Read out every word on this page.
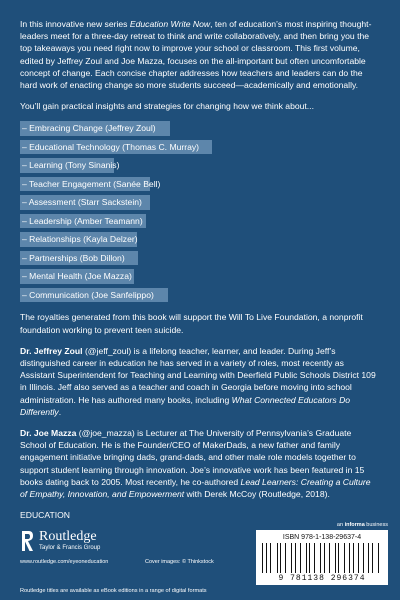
In this innovative new series Education Write Now, ten of education’s most inspiring thought-leaders meet for a three-day retreat to think and write collaboratively, and then bring you the top takeaways you need right now to improve your school or classroom. This first volume, edited by Jeffrey Zoul and Joe Mazza, focuses on the all-important but often uncomfortable concept of change. Each concise chapter addresses how teachers and leaders can do the hard work of enacting change so more students succeed—academically and emotionally.

You’ll gain practical insights and strategies for changing how we think about...

– Embracing Change (Jeffrey Zoul)
– Educational Technology (Thomas C. Murray)
– Learning (Tony Sinanis)
– Teacher Engagement (Sanée Bell)
– Assessment (Starr Sackstein)
– Leadership (Amber Teamann)
– Relationships (Kayla Delzer)
– Partnerships (Bob Dillon)
– Mental Health (Joe Mazza)
– Communication (Joe Sanfelippo)

The royalties generated from this book will support the Will To Live Foundation, a nonprofit foundation working to prevent teen suicide.

Dr. Jeffrey Zoul (@jeff_zoul) is a lifelong teacher, learner, and leader. During Jeff’s distinguished career in education he has served in a variety of roles, most recently as Assistant Superintendent for Teaching and Learning with Deerfield Public Schools District 109 in Illinois. Jeff also served as a teacher and coach in Georgia before moving into school administration. He has authored many books, including What Connected Educators Do Differently.

Dr. Joe Mazza (@joe_mazza) is Lecturer at The University of Pennsylvania’s Graduate School of Education. He is the Founder/CEO of MakerDads, a new father and family engagement initiative bringing dads, grand-dads, and other male role models together to support student learning through innovation. Joe’s innovative work has been featured in 15 books dating back to 2005. Most recently, he co-authored Lead Learners: Creating a Culture of Empathy, Innovation, and Empowerment with Derek McCoy (Routledge, 2018).

EDUCATION

Routledge
Taylor & Francis Group
www.routledge.com/eyeoneducation	Cover images: © Thinkstock
Routledge titles are available as eBook editions in a range of digital formats
an informa business
ISBN 978-1-138-29637-4
9 781138 296374
